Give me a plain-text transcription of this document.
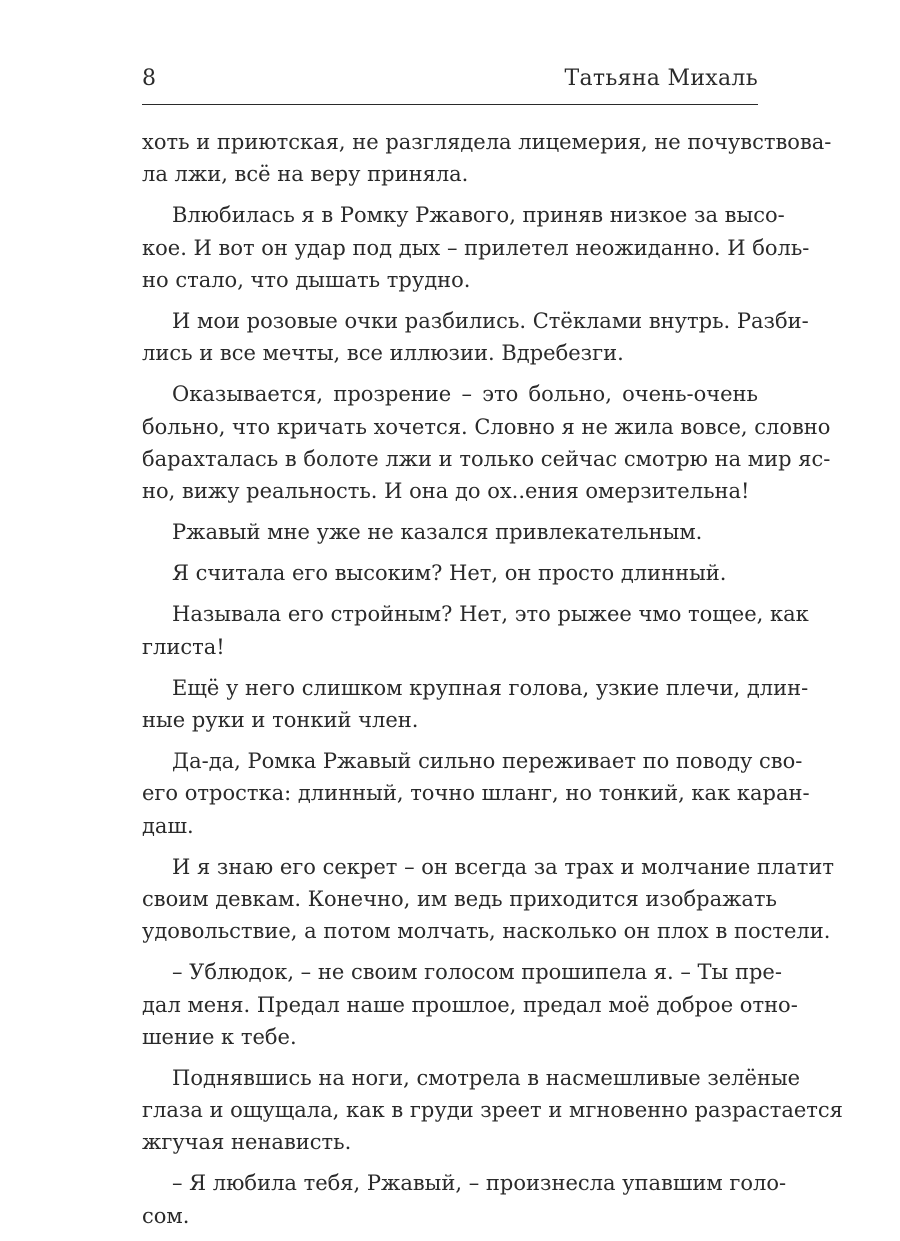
8	Татьяна Михаль
хоть и приютская, не разглядела лицемерия, не почувствова-
ла лжи, всё на веру приняла.
Влюбилась я в Ромку Ржавого, приняв низкое за высо-
кое. И вот он удар под дых – прилетел неожиданно. И боль-
но стало, что дышать трудно.
И мои розовые очки разбились. Стёклами внутрь. Разби-
лись и все мечты, все иллюзии. Вдребезги.
Оказывается, прозрение – это больно, очень-очень
больно, что кричать хочется. Словно я не жила вовсе, словно
барахталась в болоте лжи и только сейчас смотрю на мир яс-
но, вижу реальность. И она до ох..ения омерзительна!
Ржавый мне уже не казался привлекательным.
Я считала его высоким? Нет, он просто длинный.
Называла его стройным? Нет, это рыжее чмо тощее, как
глиста!
Ещё у него слишком крупная голова, узкие плечи, длин-
ные руки и тонкий член.
Да-да, Ромка Ржавый сильно переживает по поводу сво-
его отростка: длинный, точно шланг, но тонкий, как каран-
даш.
И я знаю его секрет – он всегда за трах и молчание платит
своим девкам. Конечно, им ведь приходится изображать
удовольствие, а потом молчать, насколько он плох в постели.
– Ублюдок, – не своим голосом прошипела я. – Ты пре-
дал меня. Предал наше прошлое, предал моё доброе отно-
шение к тебе.
Поднявшись на ноги, смотрела в насмешливые зелёные
глаза и ощущала, как в груди зреет и мгновенно разрастается
жгучая ненависть.
– Я любила тебя, Ржавый, – произнесла упавшим голо-
сом.
